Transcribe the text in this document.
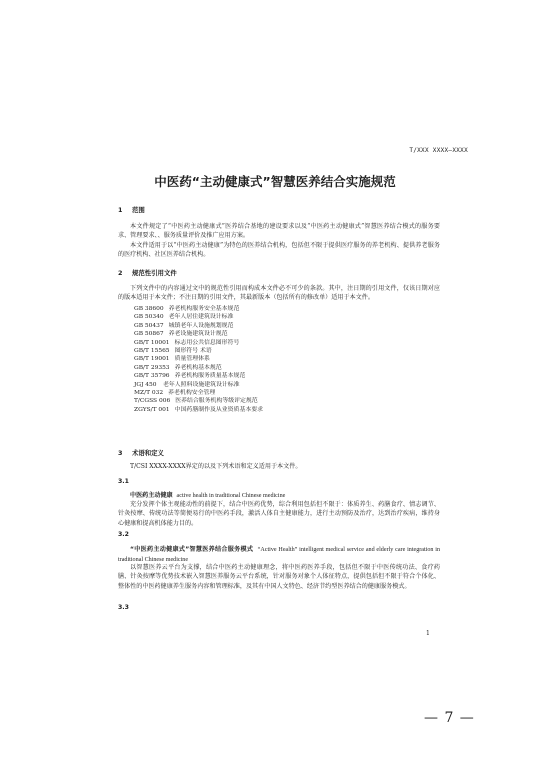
T/XXX XXXX—XXXX
中医药“主动健康式”智慧医养结合实施规范
1 范围
本文件规定了“中医药主动健康式”医养结合基地的建设要求以及“中医药主动健康式”智慧医养结合模式的服务要求、管理要求、、服务质量评价及推广应用方案。
本文件适用于以“中医药主动健康”为特色的医养结合机构，包括但不限于提供医疗服务的养老机构、提供养老服务的医疗机构、社区医养结合机构。
2 规范性引用文件
下列文件中的内容通过文中的规范性引用而构成本文件必不可少的条款。其中，注日期的引用文件，仅该日期对应的版本适用于本文件；不注日期的引用文件，其最新版本（包括所有的修改单）适用于本文件。
GB 38600 养老机构服务安全基本规范
GB 50340 老年人居住建筑设计标准
GB 50437 城镇老年人设施规划规范
GB 50867 养老设施建筑设计规范
GB/T 10001 标志用公共信息图形符号
GB/T 15565 图形符号 术语
GB/T 19001 质量管理体系
GB/T 29353 养老机构基本规范
GB/T 35796 养老机构服务质量基本规范
JGJ 450 老年人照料设施建筑设计标准
MZ/T 032 养老机构安全管理
T/CGSS 006 医养结合服务机构等级评定规范
ZGYS/T 001 中国药膳制作及从业资质基本要求
3 术语和定义
T/CSI XXXX-XXXX界定的以及下列术语和定义适用于本文件。
3.1
中医药主动健康 active health in traditional Chinese medicine
充分发挥个体主观能动性的前提下，结合中医药优势，综合利用包括但不限于：体质养生、药膳食疗、情志调节、针灸按摩、传统功法等简便易行的中医药手段，激活人体自主健康能力，进行主动预防及治疗，达到治疗疾病，维持身心健康和提高机体能力目的。
3.2
“中医药主动健康式”智慧医养结合服务模式 “Active Health” intelligent medical service and elderly care integration in traditional Chinese medicine
以智慧医养云平台为支撑，结合中医药主动健康理念，将中医药医养手段，包括但不限于中医传统功法、食疗药膳、针灸按摩等优势技术嵌入智慧医养服务云平台系统，针对服务对象个人体征特点，提供包括但不限于符合个体化、整体性的中医药健康养生服务内容和管理标准，及其有中国人文特色、经济节约型医养结合的健康服务模式。
3.3
1
— 7 —
